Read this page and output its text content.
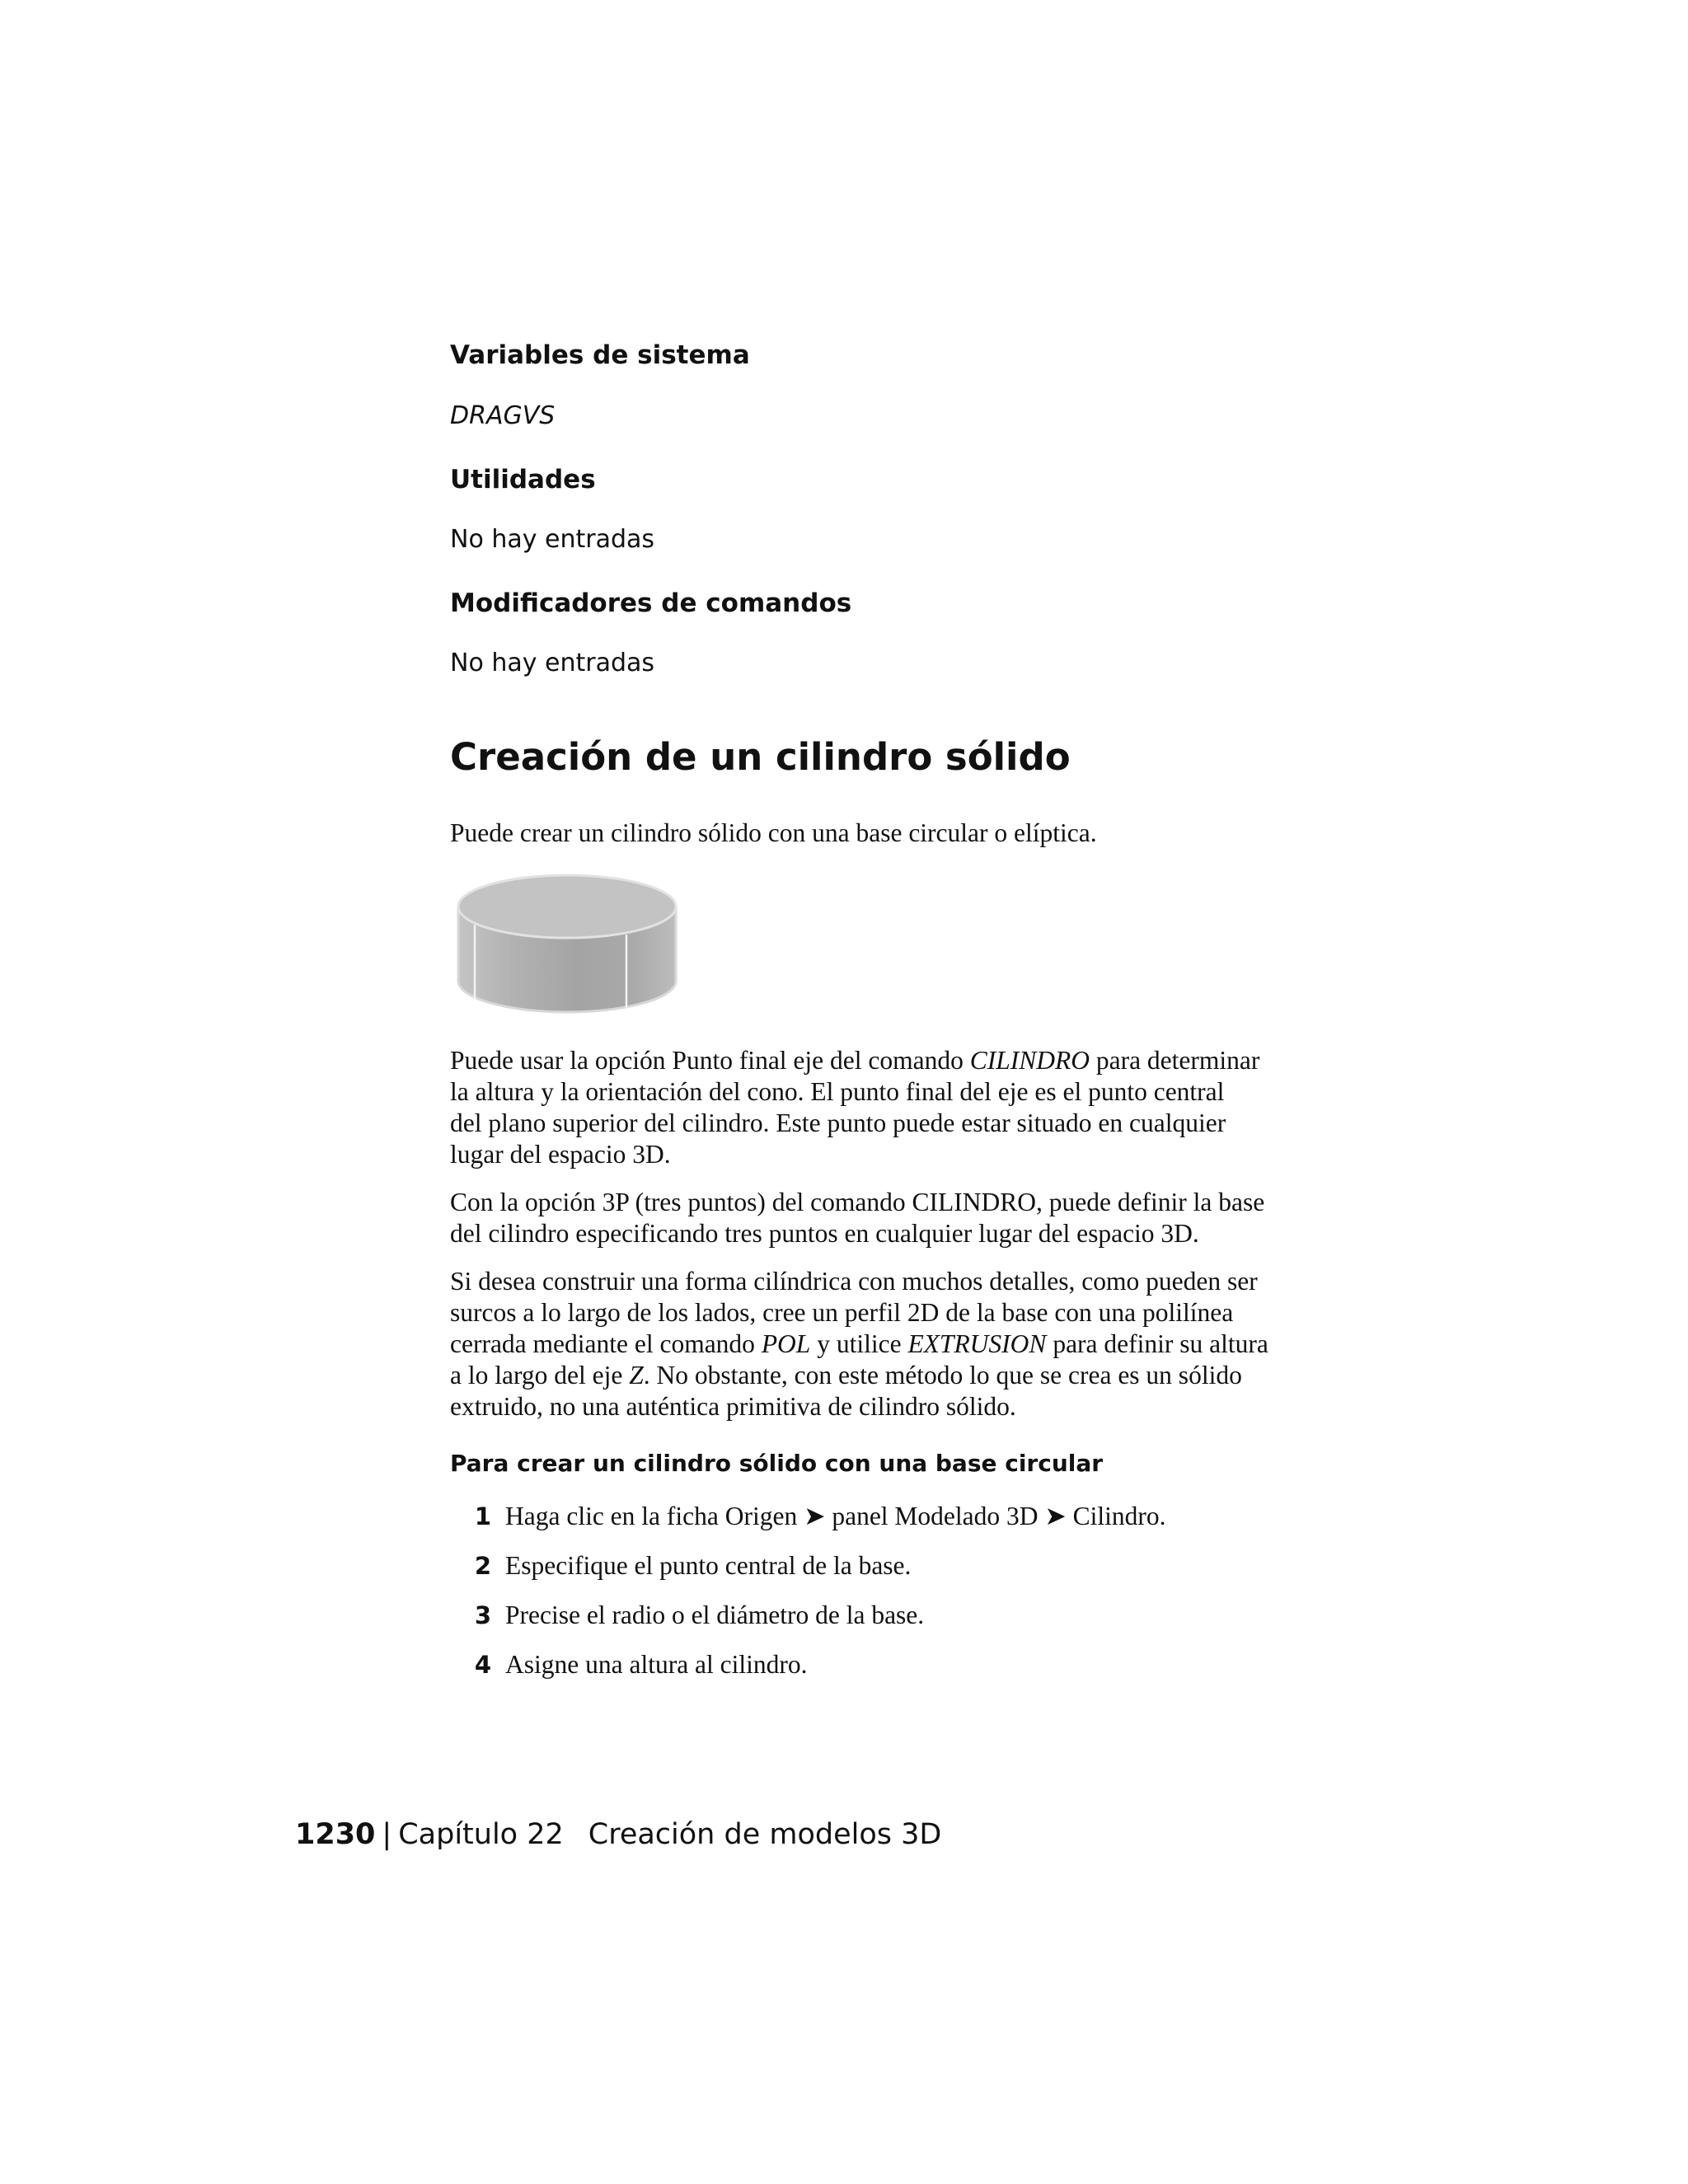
Variables de sistema

DRAGVS

Utilidades

No hay entradas

Modificadores de comandos

No hay entradas

Creación de un cilindro sólido

Puede crear un cilindro sólido con una base circular o elíptica.

Puede usar la opción Punto final eje del comando CILINDRO para determinar
la altura y la orientación del cono. El punto final del eje es el punto central
del plano superior del cilindro. Este punto puede estar situado en cualquier
lugar del espacio 3D.

Con la opción 3P (tres puntos) del comando CILINDRO, puede definir la base
del cilindro especificando tres puntos en cualquier lugar del espacio 3D.

Si desea construir una forma cilíndrica con muchos detalles, como pueden ser
surcos a lo largo de los lados, cree un perfil 2D de la base con una polilínea
cerrada mediante el comando POL y utilice EXTRUSION para definir su altura
a lo largo del eje Z. No obstante, con este método lo que se crea es un sólido
extruido, no una auténtica primitiva de cilindro sólido.

Para crear un cilindro sólido con una base circular
1 Haga clic en la ficha Origen ➤ panel Modelado 3D ➤ Cilindro.
2 Especifique el punto central de la base.
3 Precise el radio o el diámetro de la base.
4 Asigne una altura al cilindro.
1230 | Capítulo 22 Creación de modelos 3D
